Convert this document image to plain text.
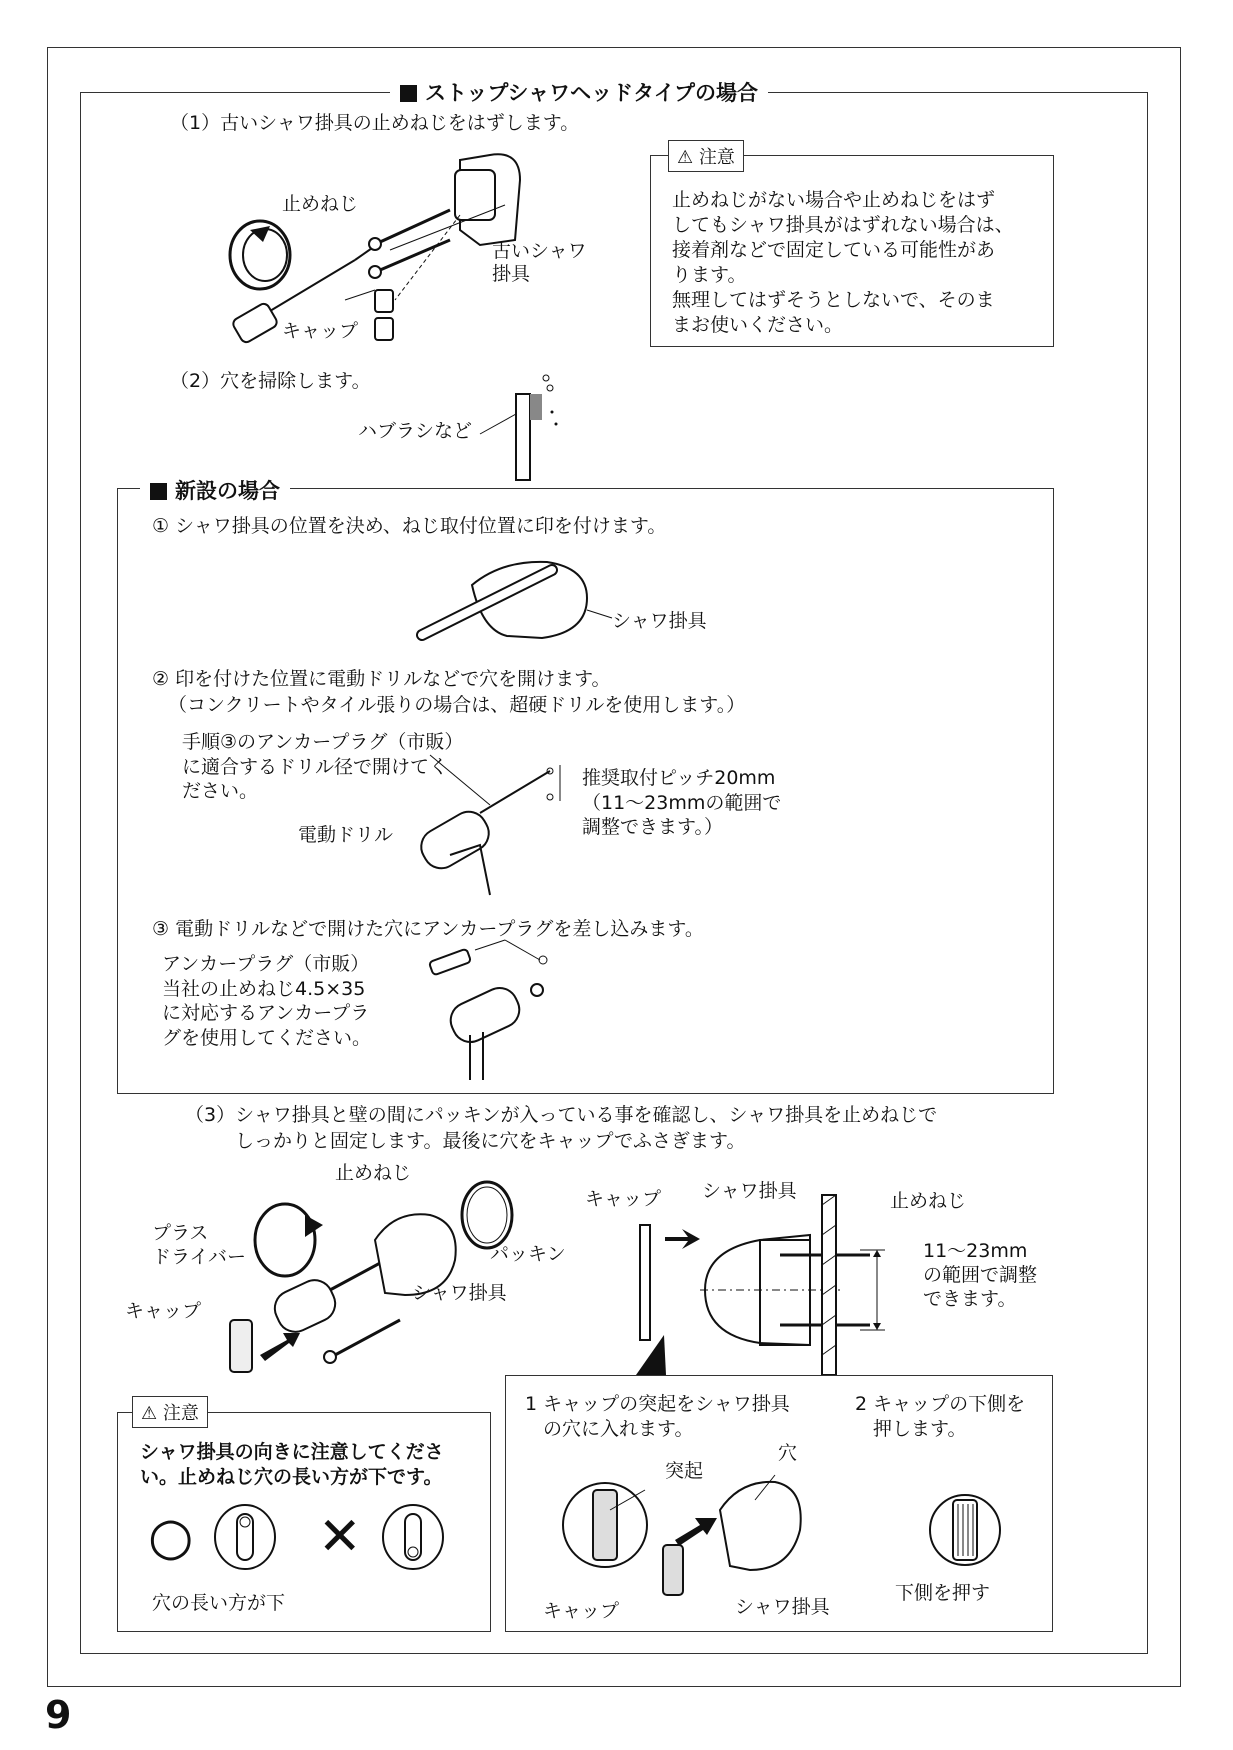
ストップシャワヘッドタイプの場合
（1）古いシャワ掛具の止めねじをはずします。
止めねじ
古いシャワ
掛具
キャップ
⚠ 注意
止めねじがない場合や止めねじをはず
してもシャワ掛具がはずれない場合は、
接着剤などで固定している可能性があ
ります。
無理してはずそうとしないで、そのま
まお使いください。
（2）穴を掃除します。
ハブラシなど
新設の場合
① シャワ掛具の位置を決め、ねじ取付位置に印を付けます。
シャワ掛具
② 印を付けた位置に電動ドリルなどで穴を開けます。
（コンクリートやタイル張りの場合は、超硬ドリルを使用します。）
手順③のアンカープラグ（市販）
に適合するドリル径で開けてく
ださい。
推奨取付ピッチ20mm
（11～23mmの範囲で
調整できます。）
電動ドリル
③ 電動ドリルなどで開けた穴にアンカープラグを差し込みます。
アンカープラグ（市販）
当社の止めねじ4.5×35
に対応するアンカープラ
グを使用してください。
（3）シャワ掛具と壁の間にパッキンが入っている事を確認し、シャワ掛具を止めねじで
しっかりと固定します。最後に穴をキャップでふさぎます。
止めねじ
プラス
ドライバー	パッキン
シャワ掛具
キャップ
キャップ シャワ掛具	止めねじ
11～23mm
の範囲で調整
できます。
⚠ 注意
シャワ掛具の向きに注意してくださ
い。止めねじ穴の長い方が下です。
○ ✕
穴の長い方が下
1 キャップの突起をシャワ掛具
の穴に入れます。
2 キャップの下側を
押します。
突起
穴
キャップ	シャワ掛具
下側を押す
9
